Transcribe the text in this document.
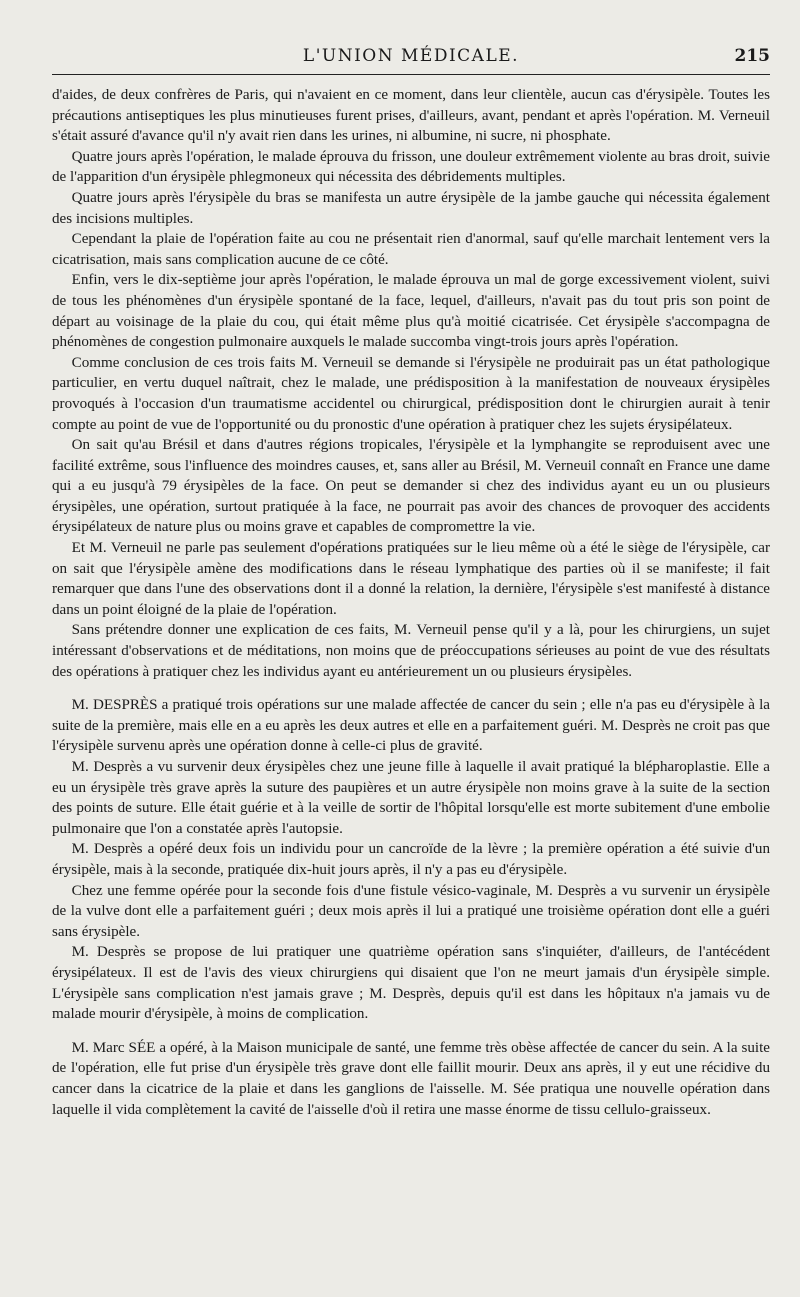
L'UNION MÉDICALE.	215

d'aides, de deux confrères de Paris, qui n'avaient en ce moment, dans leur clientèle, aucun cas d'érysipèle. Toutes les précautions antiseptiques les plus minutieuses furent prises, d'ailleurs, avant, pendant et après l'opération. M. Verneuil s'était assuré d'avance qu'il n'y avait rien dans les urines, ni albumine, ni sucre, ni phosphate.

Quatre jours après l'opération, le malade éprouva du frisson, une douleur extrêmement violente au bras droit, suivie de l'apparition d'un érysipèle phlegmoneux qui nécessita des débridements multiples.

Quatre jours après l'érysipèle du bras se manifesta un autre érysipèle de la jambe gauche qui nécessita également des incisions multiples.

Cependant la plaie de l'opération faite au cou ne présentait rien d'anormal, sauf qu'elle marchait lentement vers la cicatrisation, mais sans complication aucune de ce côté.

Enfin, vers le dix-septième jour après l'opération, le malade éprouva un mal de gorge excessivement violent, suivi de tous les phénomènes d'un érysipèle spontané de la face, lequel, d'ailleurs, n'avait pas du tout pris son point de départ au voisinage de la plaie du cou, qui était même plus qu'à moitié cicatrisée. Cet érysipèle s'accompagna de phénomènes de congestion pulmonaire auxquels le malade succomba vingt-trois jours après l'opération.

Comme conclusion de ces trois faits M. Verneuil se demande si l'érysipèle ne produirait pas un état pathologique particulier, en vertu duquel naîtrait, chez le malade, une prédisposition à la manifestation de nouveaux érysipèles provoqués à l'occasion d'un traumatisme accidentel ou chirurgical, prédisposition dont le chirurgien aurait à tenir compte au point de vue de l'opportunité ou du pronostic d'une opération à pratiquer chez les sujets érysipélateux.

On sait qu'au Brésil et dans d'autres régions tropicales, l'érysipèle et la lymphangite se reproduisent avec une facilité extrême, sous l'influence des moindres causes, et, sans aller au Brésil, M. Verneuil connaît en France une dame qui a eu jusqu'à 79 érysipèles de la face. On peut se demander si chez des individus ayant eu un ou plusieurs érysipèles, une opération, surtout pratiquée à la face, ne pourrait pas avoir des chances de provoquer des accidents érysipélateux de nature plus ou moins grave et capables de compromettre la vie.

Et M. Verneuil ne parle pas seulement d'opérations pratiquées sur le lieu même où a été le siège de l'érysipèle, car on sait que l'érysipèle amène des modifications dans le réseau lymphatique des parties où il se manifeste; il fait remarquer que dans l'une des observations dont il a donné la relation, la dernière, l'érysipèle s'est manifesté à distance dans un point éloigné de la plaie de l'opération.

Sans prétendre donner une explication de ces faits, M. Verneuil pense qu'il y a là, pour les chirurgiens, un sujet intéressant d'observations et de méditations, non moins que de préoccupations sérieuses au point de vue des résultats des opérations à pratiquer chez les individus ayant eu antérieurement un ou plusieurs érysipèles.

M. DESPRÈS a pratiqué trois opérations sur une malade affectée de cancer du sein ; elle n'a pas eu d'érysipèle à la suite de la première, mais elle en a eu après les deux autres et elle en a parfaitement guéri. M. Desprès ne croit pas que l'érysipèle survenu après une opération donne à celle-ci plus de gravité.

M. Desprès a vu survenir deux érysipèles chez une jeune fille à laquelle il avait pratiqué la blépharoplastie. Elle a eu un érysipèle très grave après la suture des paupières et un autre érysipèle non moins grave à la suite de la section des points de suture. Elle était guérie et à la veille de sortir de l'hôpital lorsqu'elle est morte subitement d'une embolie pulmonaire que l'on a constatée après l'autopsie.

M. Desprès a opéré deux fois un individu pour un cancroïde de la lèvre ; la première opération a été suivie d'un érysipèle, mais à la seconde, pratiquée dix-huit jours après, il n'y a pas eu d'érysipèle.

Chez une femme opérée pour la seconde fois d'une fistule vésico-vaginale, M. Desprès a vu survenir un érysipèle de la vulve dont elle a parfaitement guéri ; deux mois après il lui a pratiqué une troisième opération dont elle a guéri sans érysipèle.

M. Desprès se propose de lui pratiquer une quatrième opération sans s'inquiéter, d'ailleurs, de l'antécédent érysipélateux. Il est de l'avis des vieux chirurgiens qui disaient que l'on ne meurt jamais d'un érysipèle simple. L'érysipèle sans complication n'est jamais grave ; M. Desprès, depuis qu'il est dans les hôpitaux n'a jamais vu de malade mourir d'érysipèle, à moins de complication.

M. Marc SÉE a opéré, à la Maison municipale de santé, une femme très obèse affectée de cancer du sein. A la suite de l'opération, elle fut prise d'un érysipèle très grave dont elle faillit mourir. Deux ans après, il y eut une récidive du cancer dans la cicatrice de la plaie et dans les ganglions de l'aisselle. M. Sée pratiqua une nouvelle opération dans laquelle il vida complètement la cavité de l'aisselle d'où il retira une masse énorme de tissu cellulo-graisseux.
